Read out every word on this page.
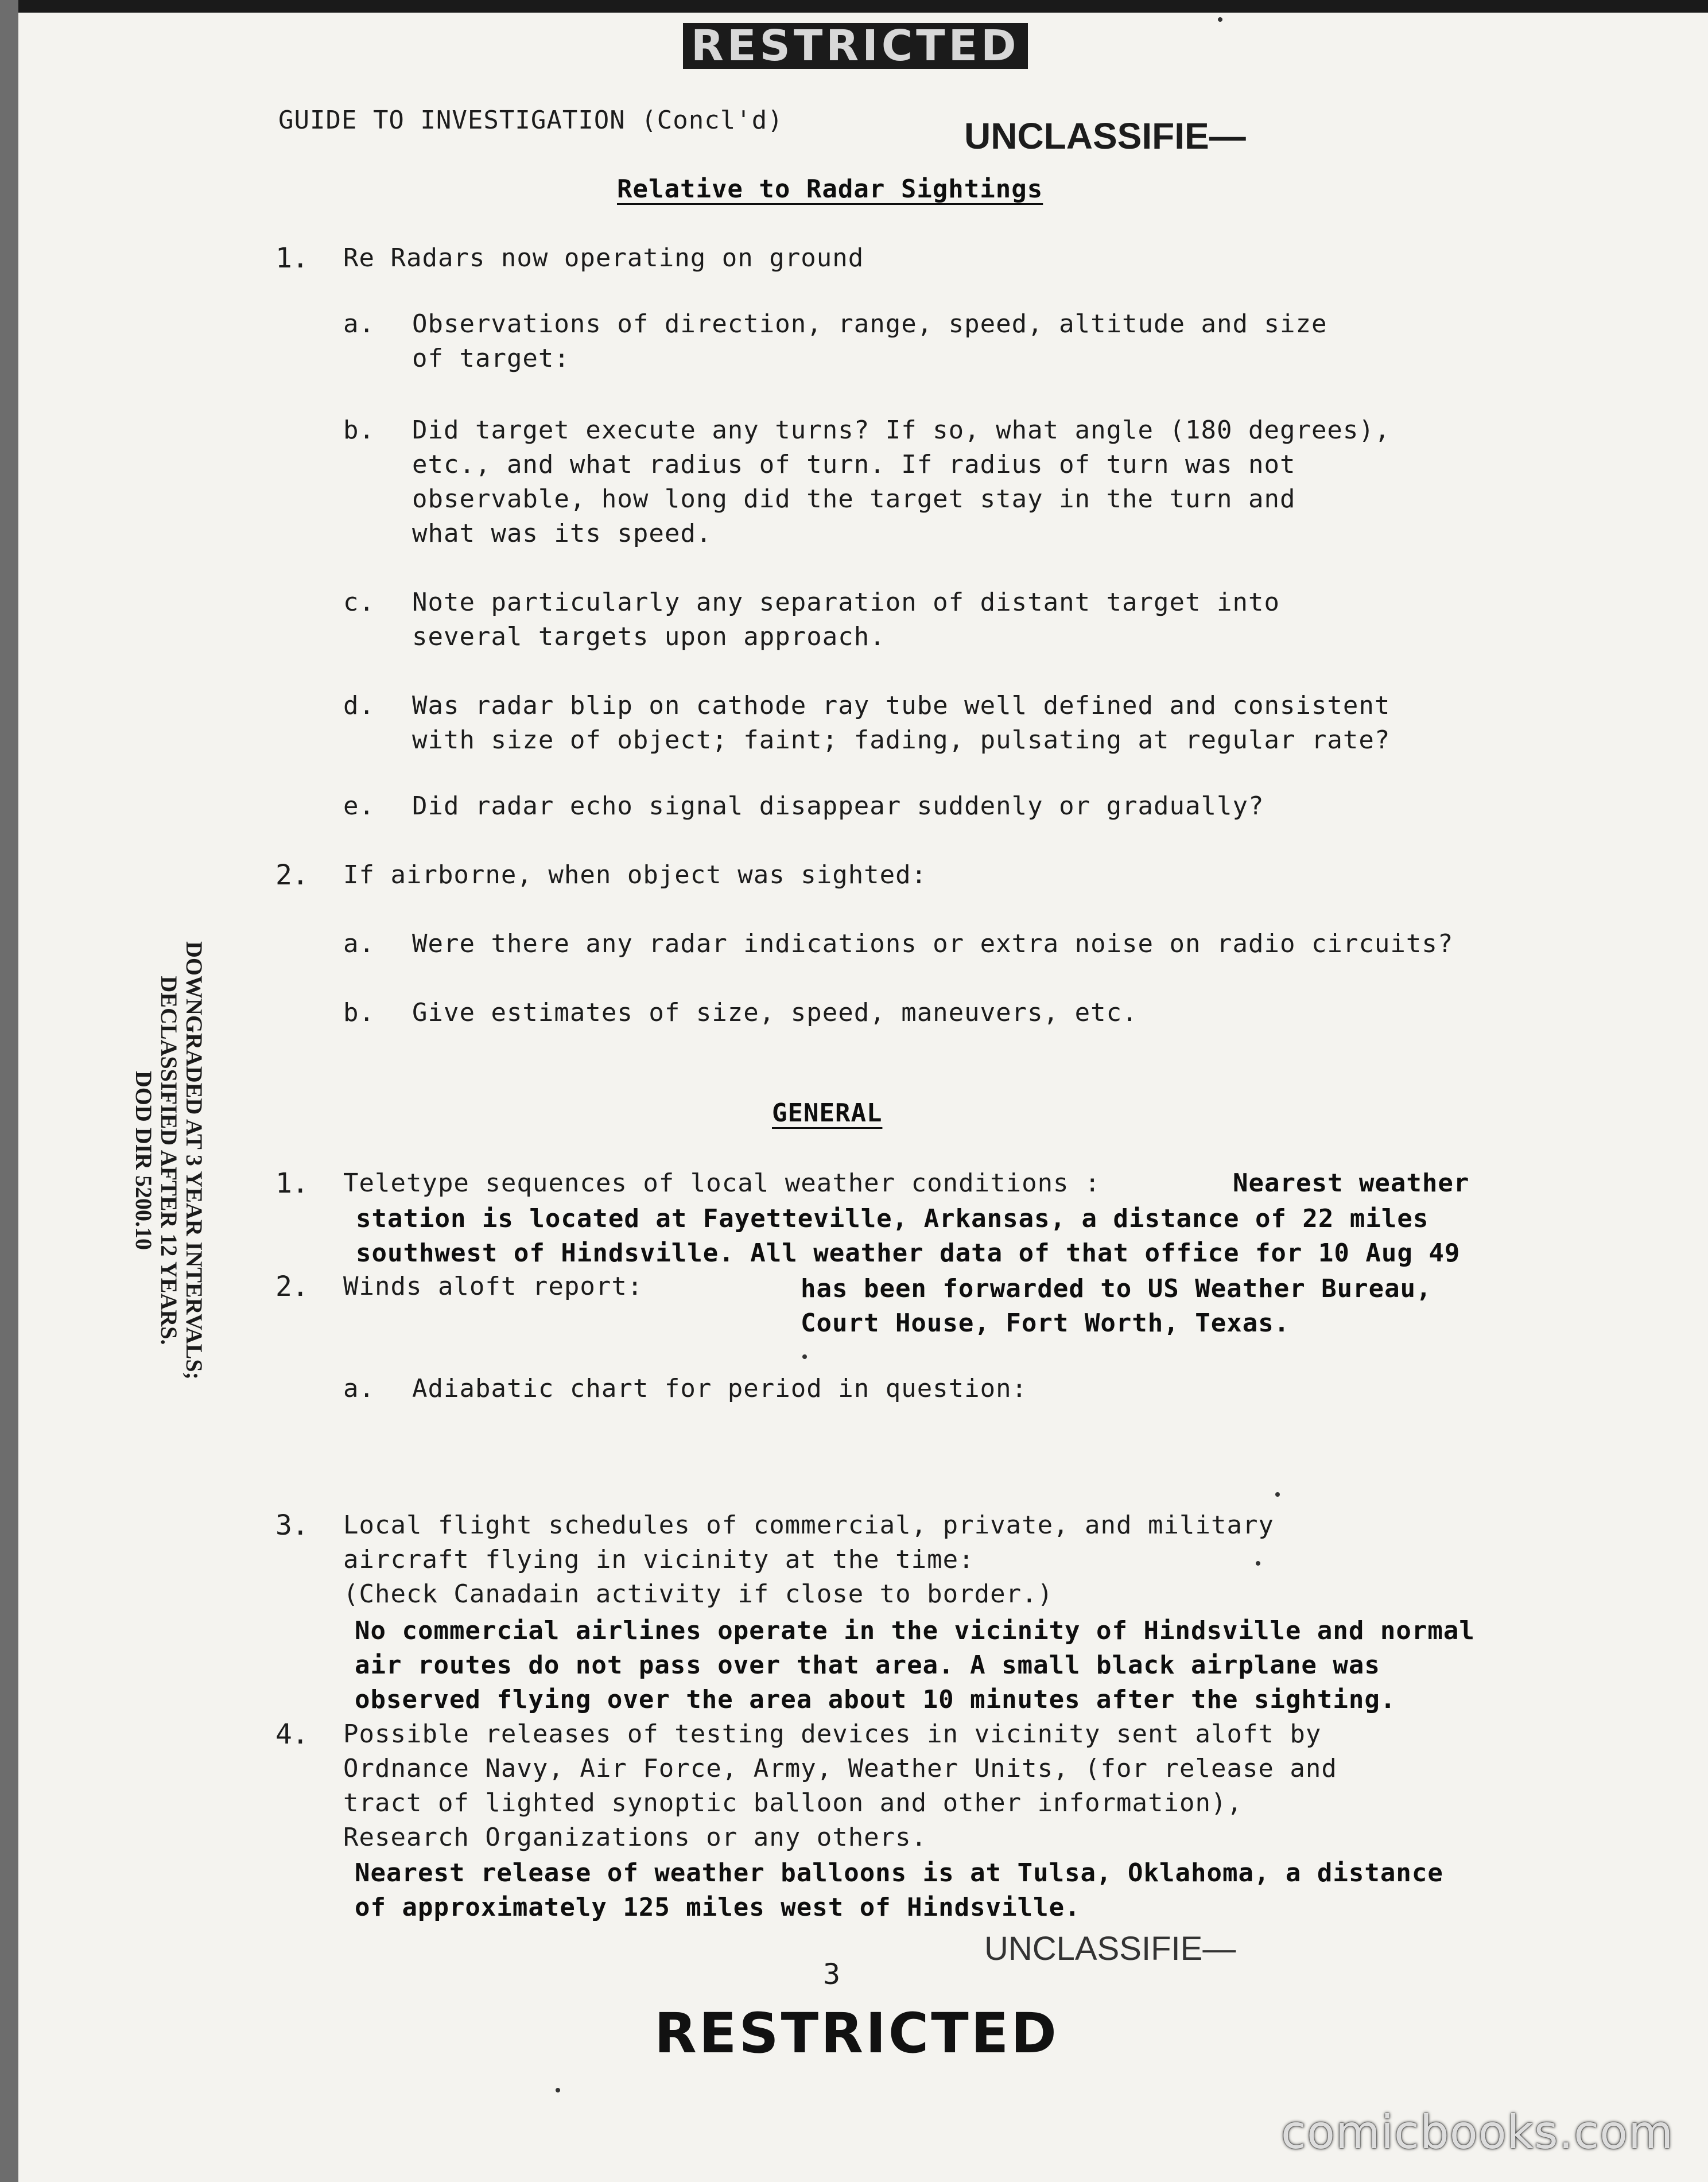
RESTRICTED
GUIDE TO INVESTIGATION (Concl'd)	UNCLASSIFIE—
Relative to Radar Sightings
1. Re Radars now operating on ground
a. Observations of direction, range, speed, altitude and size
of target:
b. Did target execute any turns? If so, what angle (180 degrees),
etc., and what radius of turn. If radius of turn was not
observable, how long did the target stay in the turn and
what was its speed.
c. Note particularly any separation of distant target into
several targets upon approach.
d. Was radar blip on cathode ray tube well defined and consistent
with size of object; faint; fading, pulsating at regular rate?
e. Did radar echo signal disappear suddenly or gradually?
2. If airborne, when object was sighted:
a. Were there any radar indications or extra noise on radio circuits?
b. Give estimates of size, speed, maneuvers, etc.
GENERAL
1. Teletype sequences of local weather conditions :	Nearest weather
station is located at Fayetteville, Arkansas, a distance of 22 miles
southwest of Hindsville. All weather data of that office for 10 Aug 49
2. Winds aloft report:	has been forwarded to US Weather Bureau,
Court House, Fort Worth, Texas.
a. Adiabatic chart for period in question:
3. Local flight schedules of commercial, private, and military
aircraft flying in vicinity at the time:
(Check Canadain activity if close to border.)
No commercial airlines operate in the vicinity of Hindsville and normal
air routes do not pass over that area. A small black airplane was
observed flying over the area about 10 minutes after the sighting.
4. Possible releases of testing devices in vicinity sent aloft by
Ordnance Navy, Air Force, Army, Weather Units, (for release and
tract of lighted synoptic balloon and other information),
Research Organizations or any others.
Nearest release of weather balloons is at Tulsa, Oklahoma, a distance
of approximately 125 miles west of Hindsville.
UNCLASSIFIE—
3
RESTRICTED
DOWNGRADED AT 3 YEAR INTERVALS;
DECLASSIFIED AFTER 12 YEARS.
DOD DIR 5200.10
comicbooks.com
